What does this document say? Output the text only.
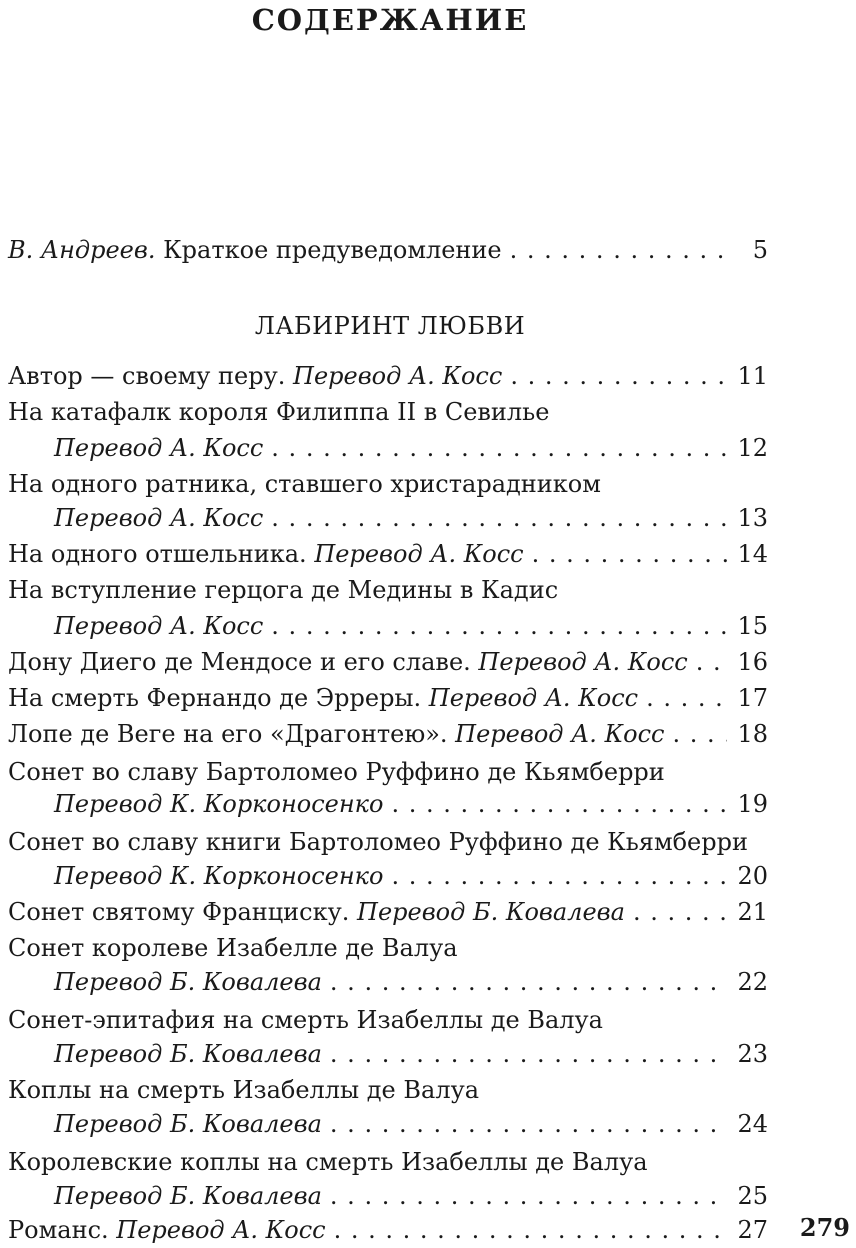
СОДЕРЖАНИЕ
В. Андреев. Краткое предуведомление . . .	5
ЛАБИРИНТ ЛЮБВИ
Автор — своему перу. Перевод А. Косс . . .	11
На катафалк короля Филиппа II в Севилье
Перевод А. Косс . . .	12
На одного ратника, ставшего христарадником
Перевод А. Косс . . .	13
На одного отшельника. Перевод А. Косс . . .	14
На вступление герцога де Медины в Кадис
Перевод А. Косс . . .	15
Дону Диего де Мендосе и его славе. Перевод А. Косс . . . 16
На смерть Фернандо де Эрреры. Перевод А. Косс . . .	17
Лопе де Веге на его «Драгонтею». Перевод А. Косс . . .	18
Сонет во славу Бартоломео Руффино де Кьямберри
Перевод К. Корконосенко . . .	19
Сонет во славу книги Бартоломео Руффино де Кьямберри
Перевод К. Корконосенко . . .	20
Сонет святому Франциску. Перевод Б. Ковалева . . .	21
Сонет королеве Изабелле де Валуа
Перевод Б. Ковалева . . .	22
Сонет-эпитафия на смерть Изабеллы де Валуа
Перевод Б. Ковалева . . .	23
Коплы на смерть Изабеллы де Валуа
Перевод Б. Ковалева . . .	24
Королевские коплы на смерть Изабеллы де Валуа
Перевод Б. Ковалева . . .	25
Романс. Перевод А. Косс . . .	27 279
